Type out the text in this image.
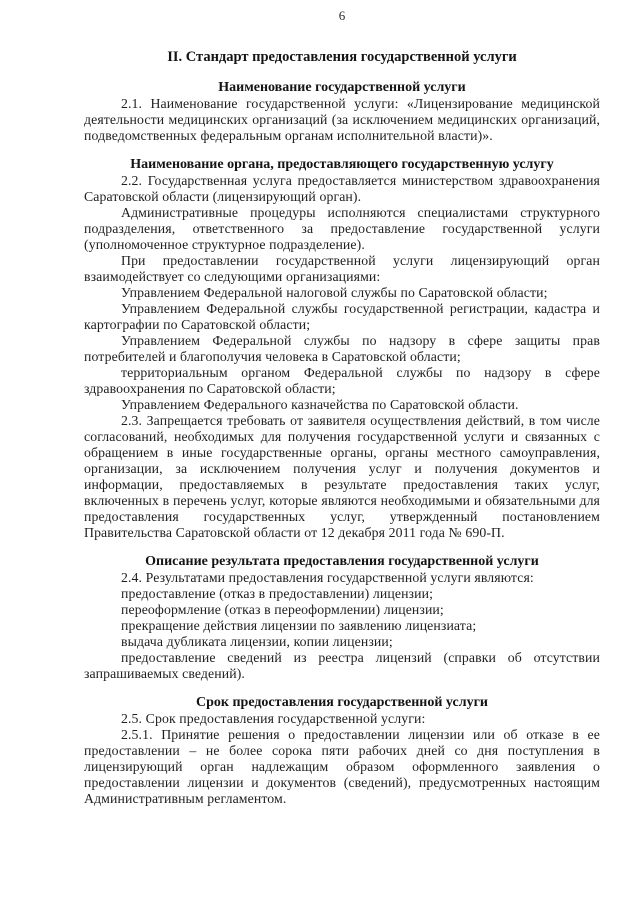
6

II. Стандарт предоставления государственной услуги

Наименование государственной услуги

2.1. Наименование государственной услуги: «Лицензирование медицинской деятельности медицинских организаций (за исключением медицинских организаций, подведомственных федеральным органам исполнительной власти)».

Наименование органа, предоставляющего государственную услугу

2.2. Государственная услуга предоставляется министерством здравоохранения Саратовской области (лицензирующий орган).

Административные процедуры исполняются специалистами структурного подразделения, ответственного за предоставление государственной услуги (уполномоченное структурное подразделение).

При предоставлении государственной услуги лицензирующий орган взаимодействует со следующими организациями:

Управлением Федеральной налоговой службы по Саратовской области;

Управлением Федеральной службы государственной регистрации, кадастра и картографии по Саратовской области;

Управлением Федеральной службы по надзору в сфере защиты прав потребителей и благополучия человека в Саратовской области;

территориальным органом Федеральной службы по надзору в сфере здравоохранения по Саратовской области;

Управлением Федерального казначейства по Саратовской области.

2.3. Запрещается требовать от заявителя осуществления действий, в том числе согласований, необходимых для получения государственной услуги и связанных с обращением в иные государственные органы, органы местного самоуправления, организации, за исключением получения услуг и получения документов и информации, предоставляемых в результате предоставления таких услуг, включенных в перечень услуг, которые являются необходимыми и обязательными для предоставления государственных услуг, утвержденный постановлением Правительства Саратовской области от 12 декабря 2011 года № 690-П.

Описание результата предоставления государственной услуги

2.4. Результатами предоставления государственной услуги являются:

предоставление (отказ в предоставлении) лицензии;

переоформление (отказ в переоформлении) лицензии;

прекращение действия лицензии по заявлению лицензиата;

выдача дубликата лицензии, копии лицензии;

предоставление сведений из реестра лицензий (справки об отсутствии запрашиваемых сведений).

Срок предоставления государственной услуги

2.5. Срок предоставления государственной услуги:

2.5.1. Принятие решения о предоставлении лицензии или об отказе в ее предоставлении – не более сорока пяти рабочих дней со дня поступления в лицензирующий орган надлежащим образом оформленного заявления о предоставлении лицензии и документов (сведений), предусмотренных настоящим Административным регламентом.
